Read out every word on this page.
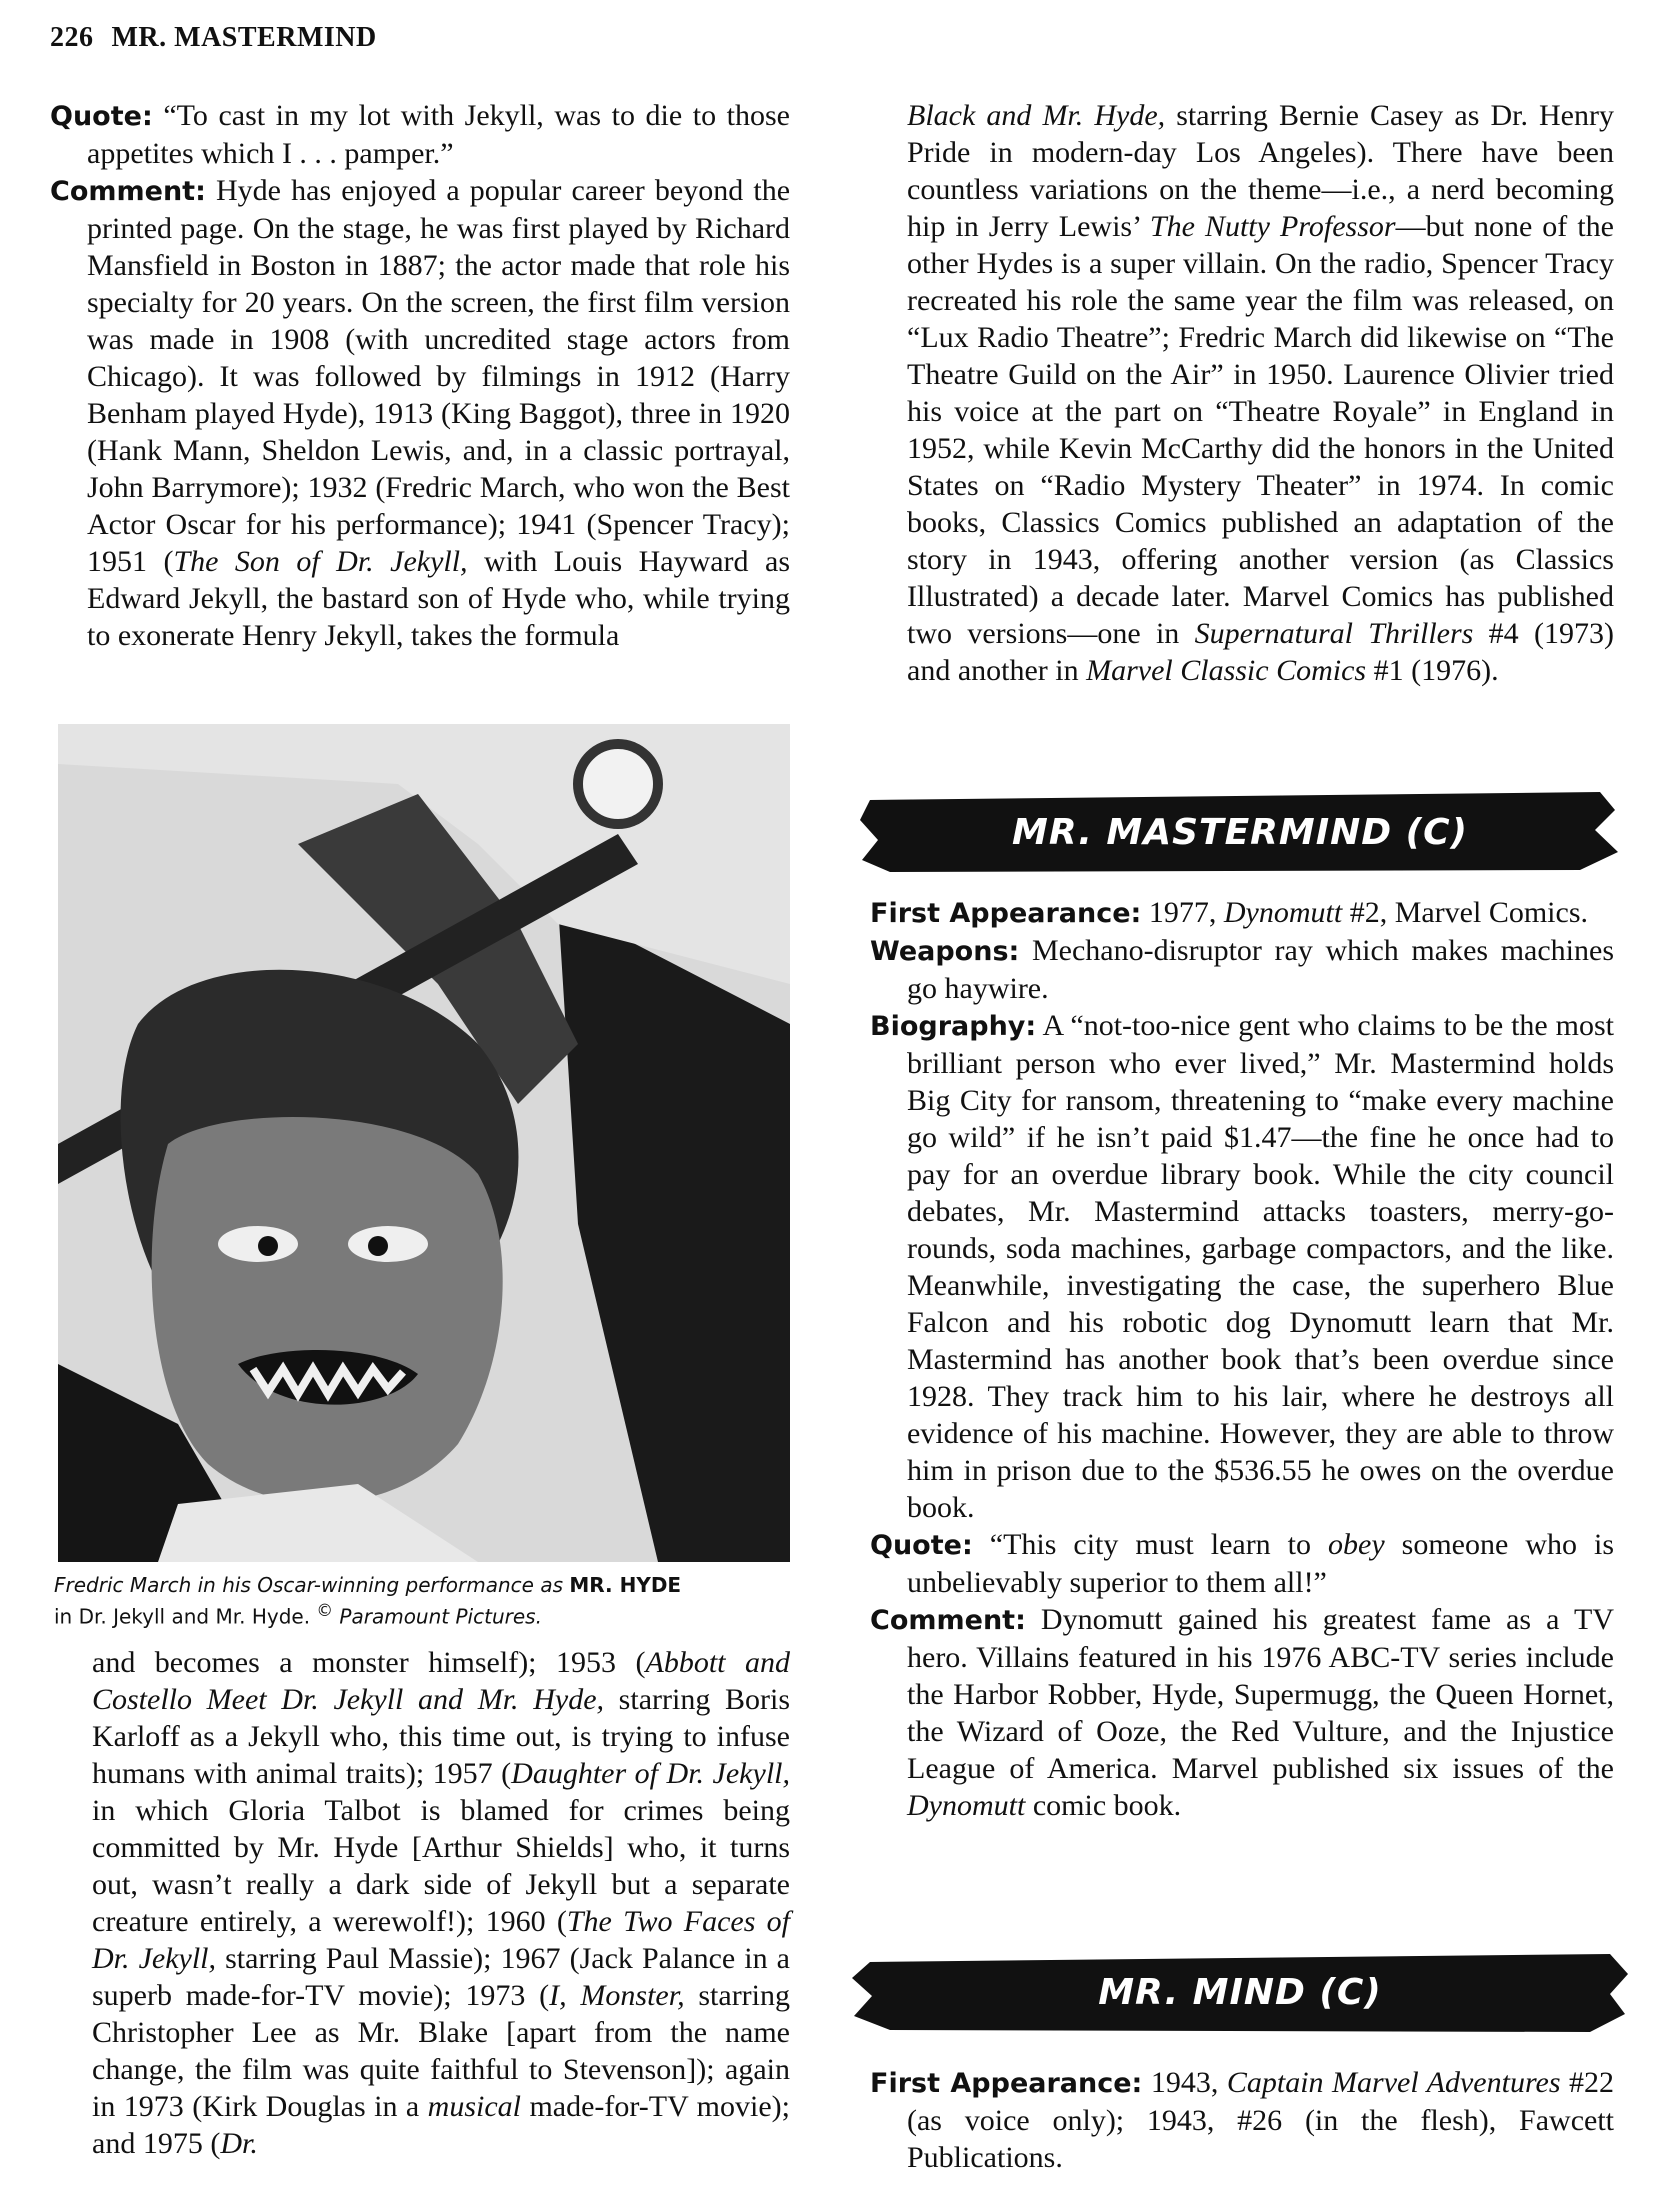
226 MR. MASTERMIND

Quote: “To cast in my lot with Jekyll, was to die to those appetites which I . . . pamper.”

Comment: Hyde has enjoyed a popular career beyond the printed page. On the stage, he was first played by Richard Mansfield in Boston in 1887; the actor made that role his specialty for 20 years. On the screen, the first film version was made in 1908 (with uncredited stage actors from Chicago). It was followed by filmings in 1912 (Harry Benham played Hyde), 1913 (King Baggot), three in 1920 (Hank Mann, Sheldon Lewis, and, in a classic portrayal, John Barrymore); 1932 (Fredric March, who won the Best Actor Oscar for his performance); 1941 (Spencer Tracy); 1951 (The Son of Dr. Jekyll, with Louis Hayward as Edward Jekyll, the bastard son of Hyde who, while trying to exonerate Henry Jekyll, takes the formula

Fredric March in his Oscar-winning performance as MR. HYDE
in Dr. Jekyll and Mr. Hyde. © Paramount Pictures.

and becomes a monster himself); 1953 (Abbott and Costello Meet Dr. Jekyll and Mr. Hyde, starring Boris Karloff as a Jekyll who, this time out, is trying to infuse humans with animal traits); 1957 (Daughter of Dr. Jekyll, in which Gloria Talbot is blamed for crimes being committed by Mr. Hyde [Arthur Shields] who, it turns out, wasn’t really a dark side of Jekyll but a separate creature entirely, a werewolf!); 1960 (The Two Faces of Dr. Jekyll, starring Paul Massie); 1967 (Jack Palance in a superb made-for-TV movie); 1973 (I, Monster, starring Christopher Lee as Mr. Blake [apart from the name change, the film was quite faithful to Stevenson]); again in 1973 (Kirk Douglas in a musical made-for-TV movie); and 1975 (Dr.

Black and Mr. Hyde, starring Bernie Casey as Dr. Henry Pride in modern-day Los Angeles). There have been countless variations on the theme—i.e., a nerd becoming hip in Jerry Lewis’ The Nutty Professor—but none of the other Hydes is a super villain. On the radio, Spencer Tracy recreated his role the same year the film was released, on “Lux Radio Theatre”; Fredric March did likewise on “The Theatre Guild on the Air” in 1950. Laurence Olivier tried his voice at the part on “Theatre Royale” in England in 1952, while Kevin McCarthy did the honors in the United States on “Radio Mystery Theater” in 1974. In comic books, Classics Comics published an adaptation of the story in 1943, offering another version (as Classics Illustrated) a decade later. Marvel Comics has published two versions—one in Supernatural Thrillers #4 (1973) and another in Marvel Classic Comics #1 (1976).

MR. MASTERMIND (C)

First Appearance: 1977, Dynomutt #2, Marvel Comics.

Weapons: Mechano-disruptor ray which makes machines go haywire.

Biography: A “not-too-nice gent who claims to be the most brilliant person who ever lived,” Mr. Mastermind holds Big City for ransom, threatening to “make every machine go wild” if he isn’t paid $1.47—the fine he once had to pay for an overdue library book. While the city council debates, Mr. Mastermind attacks toasters, merry-go-rounds, soda machines, garbage compactors, and the like. Meanwhile, investigating the case, the superhero Blue Falcon and his robotic dog Dynomutt learn that Mr. Mastermind has another book that’s been overdue since 1928. They track him to his lair, where he destroys all evidence of his machine. However, they are able to throw him in prison due to the $536.55 he owes on the overdue book.

Quote: “This city must learn to obey someone who is unbelievably superior to them all!”

Comment: Dynomutt gained his greatest fame as a TV hero. Villains featured in his 1976 ABC-TV series include the Harbor Robber, Hyde, Supermugg, the Queen Hornet, the Wizard of Ooze, the Red Vulture, and the Injustice League of America. Marvel published six issues of the Dynomutt comic book.

MR. MIND (C)

First Appearance: 1943, Captain Marvel Adventures #22 (as voice only); 1943, #26 (in the flesh), Fawcett Publications.
